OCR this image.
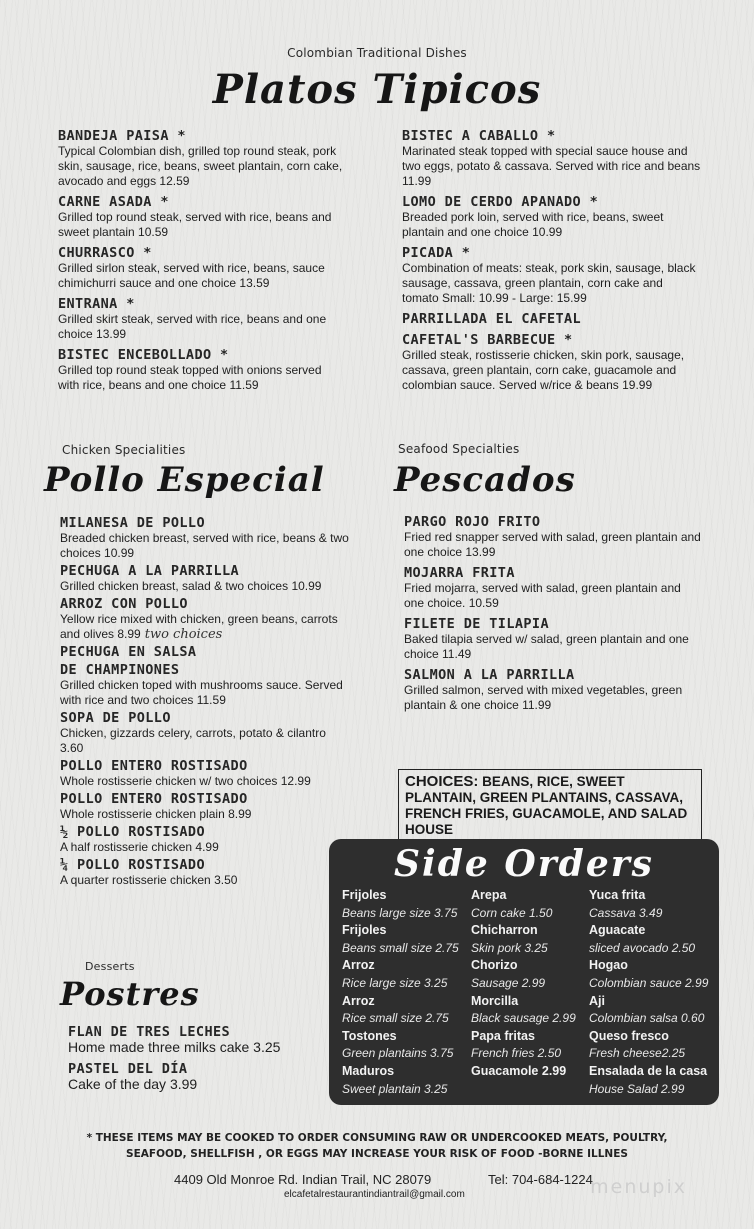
Colombian Traditional Dishes
Platos Tipicos
BANDEJA PAISA *
Typical Colombian dish, grilled top round steak, pork skin, sausage, rice, beans, sweet plantain, corn cake, avocado and eggs 12.59
CARNE ASADA *
Grilled top round steak, served with rice, beans and sweet plantain 10.59
CHURRASCO *
Grilled sirlon steak, served with rice, beans, sauce chimichurri sauce and one choice 13.59
ENTRANA *
Grilled skirt steak, served with rice, beans and one choice 13.99
BISTEC ENCEBOLLADO *
Grilled top round steak topped with onions served with rice, beans and one choice 11.59
BISTEC A CABALLO *
Marinated steak topped with special sauce house and two eggs, potato & cassava. Served with rice and beans 11.99
LOMO DE CERDO APANADO *
Breaded pork loin, served with rice, beans, sweet plantain and one choice 10.99
PICADA *
Combination of meats: steak, pork skin, sausage, black sausage, cassava, green plantain, corn cake and tomato Small: 10.99 - Large: 15.99
PARRILLADA EL CAFETAL
CAFETAL'S BARBECUE *
Grilled steak, rostisserie chicken, skin pork, sausage, cassava, green plantain, corn cake, guacamole and colombian sauce. Served w/rice & beans 19.99
Chicken Specialities
Pollo Especial
MILANESA DE POLLO
Breaded chicken breast, served with rice, beans & two choices 10.99
PECHUGA A LA PARRILLA
Grilled chicken breast, salad & two choices 10.99
ARROZ CON POLLO
Yellow rice mixed with chicken, green beans, carrots and olives 8.99 two choices
PECHUGA EN SALSA
DE CHAMPINONES
Grilled chicken toped with mushrooms sauce. Served with rice and two choices 11.59
SOPA DE POLLO
Chicken, gizzards celery, carrots, potato & cilantro 3.60
POLLO ENTERO ROSTISADO
Whole rostisserie chicken w/ two choices 12.99
POLLO ENTERO ROSTISADO
Whole rostisserie chicken plain 8.99
½ POLLO ROSTISADO
A half rostisserie chicken 4.99
¼ POLLO ROSTISADO
A quarter rostisserie chicken 3.50
Seafood Specialties
Pescados
PARGO ROJO FRITO
Fried red snapper served with salad, green plantain and one choice 13.99
MOJARRA FRITA
Fried mojarra, served with salad, green plantain and one choice. 10.59
FILETE DE TILAPIA
Baked tilapia served w/ salad, green plantain and one choice 11.49
SALMON A LA PARRILLA
Grilled salmon, served with mixed vegetables, green plantain & one choice 11.99
CHOICES: BEANS, RICE, SWEET PLANTAIN, GREEN PLANTAINS, CASSAVA, FRENCH FRIES, GUACAMOLE, AND SALAD HOUSE
Desserts
Postres
FLAN DE TRES LECHES
Home made three milks cake 3.25
PASTEL DEL DÍA
Cake of the day 3.99
Side Orders
Frijoles
Beans large size 3.75
Frijoles
Beans small size 2.75
Arroz
Rice large size 3.25
Arroz
Rice small size 2.75
Tostones
Green plantains 3.75
Maduros
Sweet plantain 3.25
Arepa
Corn cake 1.50
Chicharron
Skin pork 3.25
Chorizo
Sausage 2.99
Morcilla
Black sausage 2.99
Papa fritas
French fries 2.50
Guacamole 2.99

Yuca frita
Cassava 3.49
Aguacate
sliced avocado 2.50
Hogao
Colombian sauce 2.99
Aji
Colombian salsa 0.60
Queso fresco
Fresh cheese2.25
Ensalada de la casa
House Salad 2.99
* THESE ITEMS MAY BE COOKED TO ORDER CONSUMING RAW OR UNDERCOOKED MEATS, POULTRY,
SEAFOOD, SHELLFISH , OR EGGS MAY INCREASE YOUR RISK OF FOOD -BORNE ILLNES
4409 Old Monroe Rd. Indian Trail, NC 28079	Tel: 704-684-1224
elcafetalrestaurantindiantrail@gmail.com	menupix
